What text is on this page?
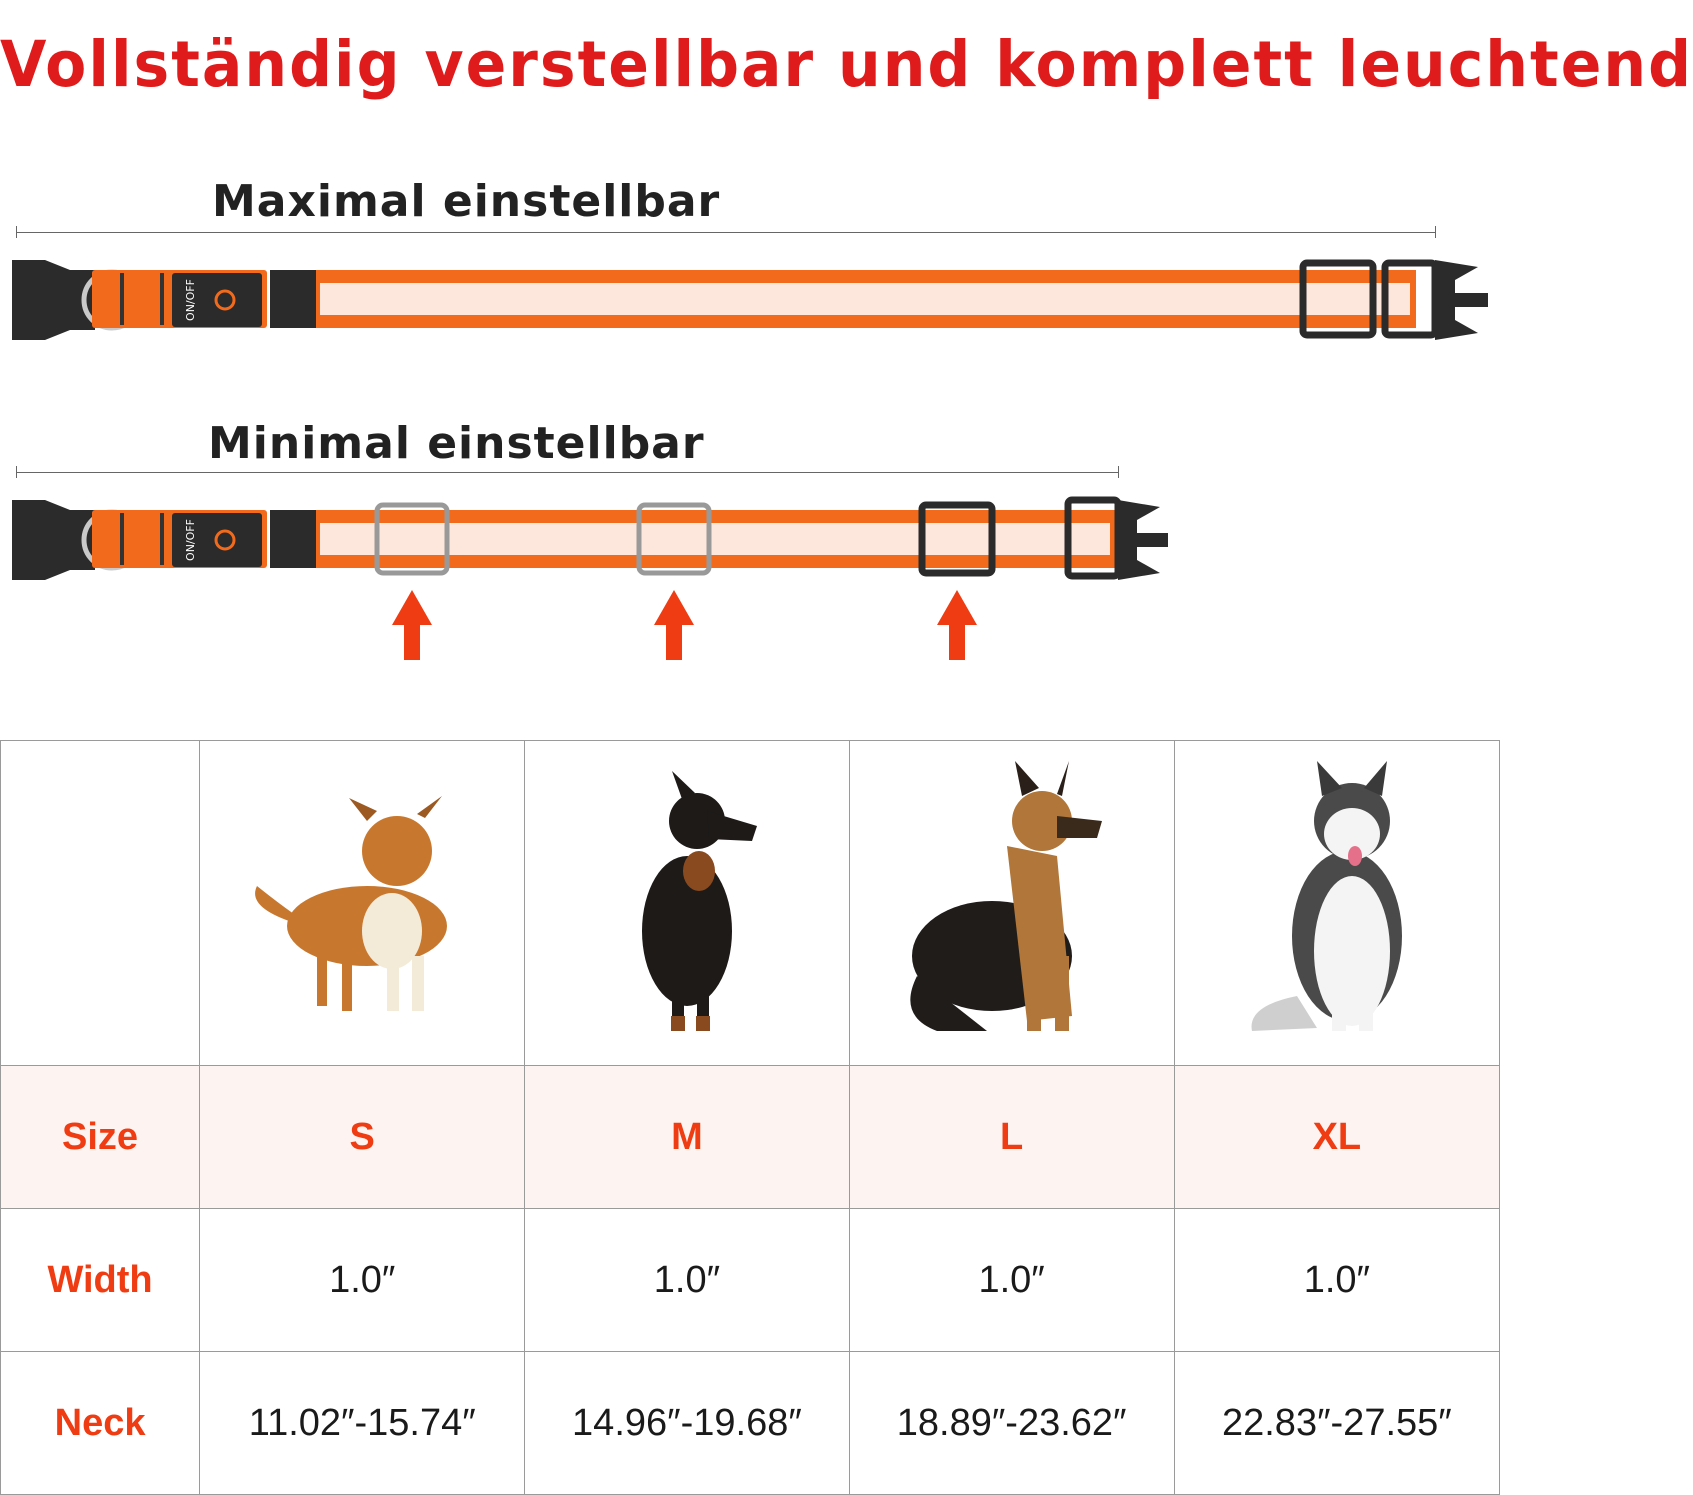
Vollständig verstellbar und komplett leuchtend
Maximal einstellbar
ON/OFF
Minimal einstellbar
ON/OFF

Size	S	M	L	XL
Width	1.0″	1.0″	1.0″	1.0″
Neck	11.02″-15.74″	14.96″-19.68″	18.89″-23.62″	22.83″-27.55″
